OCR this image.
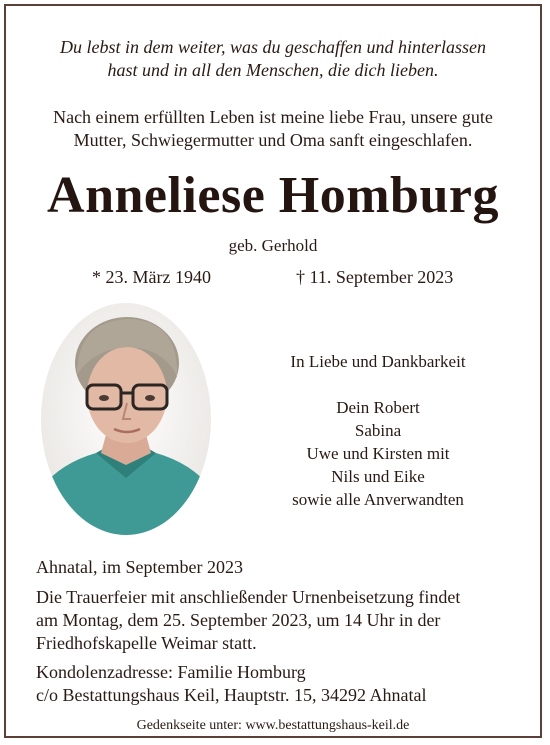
Du lebst in dem weiter, was du geschaffen und hinterlassen
hast und in all den Menschen, die dich lieben.
Nach einem erfüllten Leben ist meine liebe Frau, unsere gute
Mutter, Schwiegermutter und Oma sanft eingeschlafen.
Anneliese Homburg
geb. Gerhold
* 23. März 1940	† 11. September 2023
In Liebe und Dankbarkeit
Dein Robert
Sabina
Uwe und Kirsten mit
Nils und Eike
sowie alle Anverwandten
Ahnatal, im September 2023
Die Trauerfeier mit anschließender Urnenbeisetzung findet
am Montag, dem 25. September 2023, um 14 Uhr in der
Friedhofskapelle Weimar statt.
Kondolenzadresse: Familie Homburg
c/o Bestattungshaus Keil, Hauptstr. 15, 34292 Ahnatal
Gedenkseite unter: www.bestattungshaus-keil.de
